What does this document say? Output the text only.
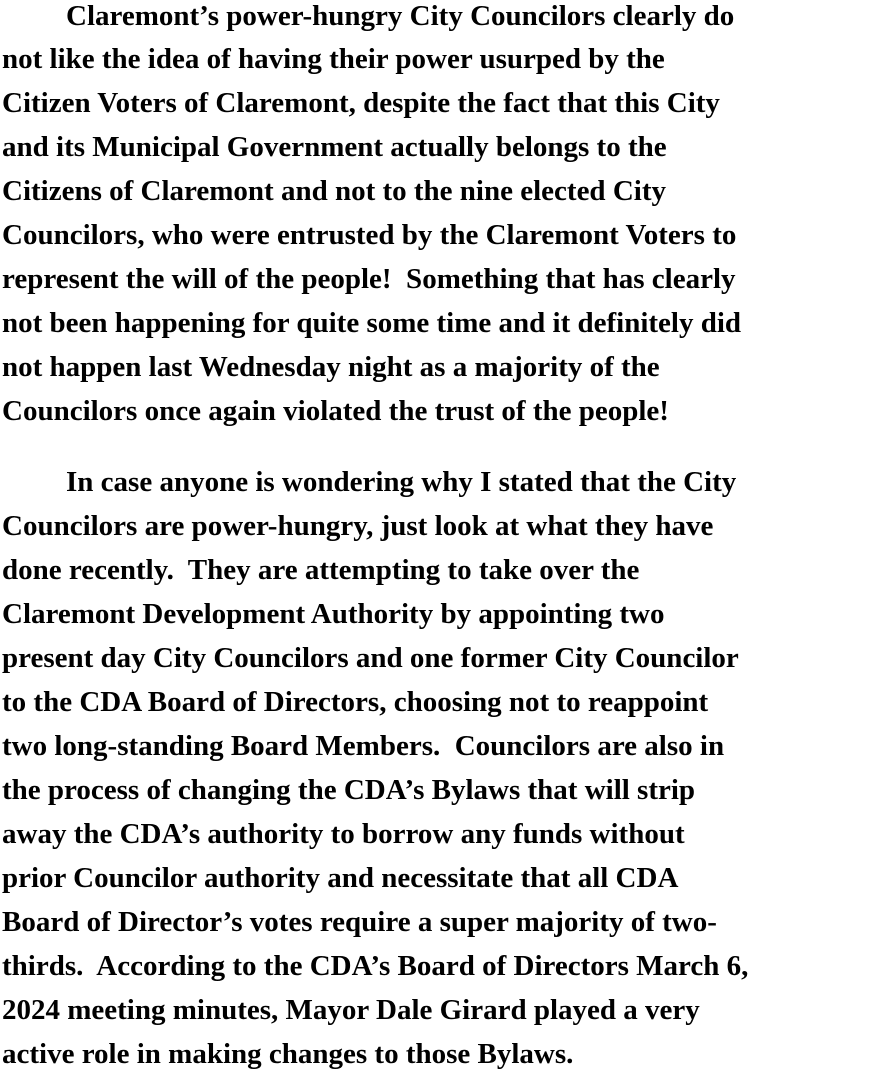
Claremont’s power-hungry City Councilors clearly do

not like the idea of having their power usurped by the

Citizen Voters of Claremont, despite the fact that this City

and its Municipal Government actually belongs to the

Citizens of Claremont and not to the nine elected City

Councilors, who were entrusted by the Claremont Voters to

represent the will of the people!  Something that has clearly

not been happening for quite some time and it definitely did

not happen last Wednesday night as a majority of the

Councilors once again violated the trust of the people!

In case anyone is wondering why I stated that the City

Councilors are power-hungry, just look at what they have

done recently.  They are attempting to take over the

Claremont Development Authority by appointing two

present day City Councilors and one former City Councilor

to the CDA Board of Directors, choosing not to reappoint

two long-standing Board Members.  Councilors are also in

the process of changing the CDA’s Bylaws that will strip

away the CDA’s authority to borrow any funds without

prior Councilor authority and necessitate that all CDA

Board of Director’s votes require a super majority of two-

thirds.  According to the CDA’s Board of Directors March 6,

2024 meeting minutes, Mayor Dale Girard played a very

active role in making changes to those Bylaws.
